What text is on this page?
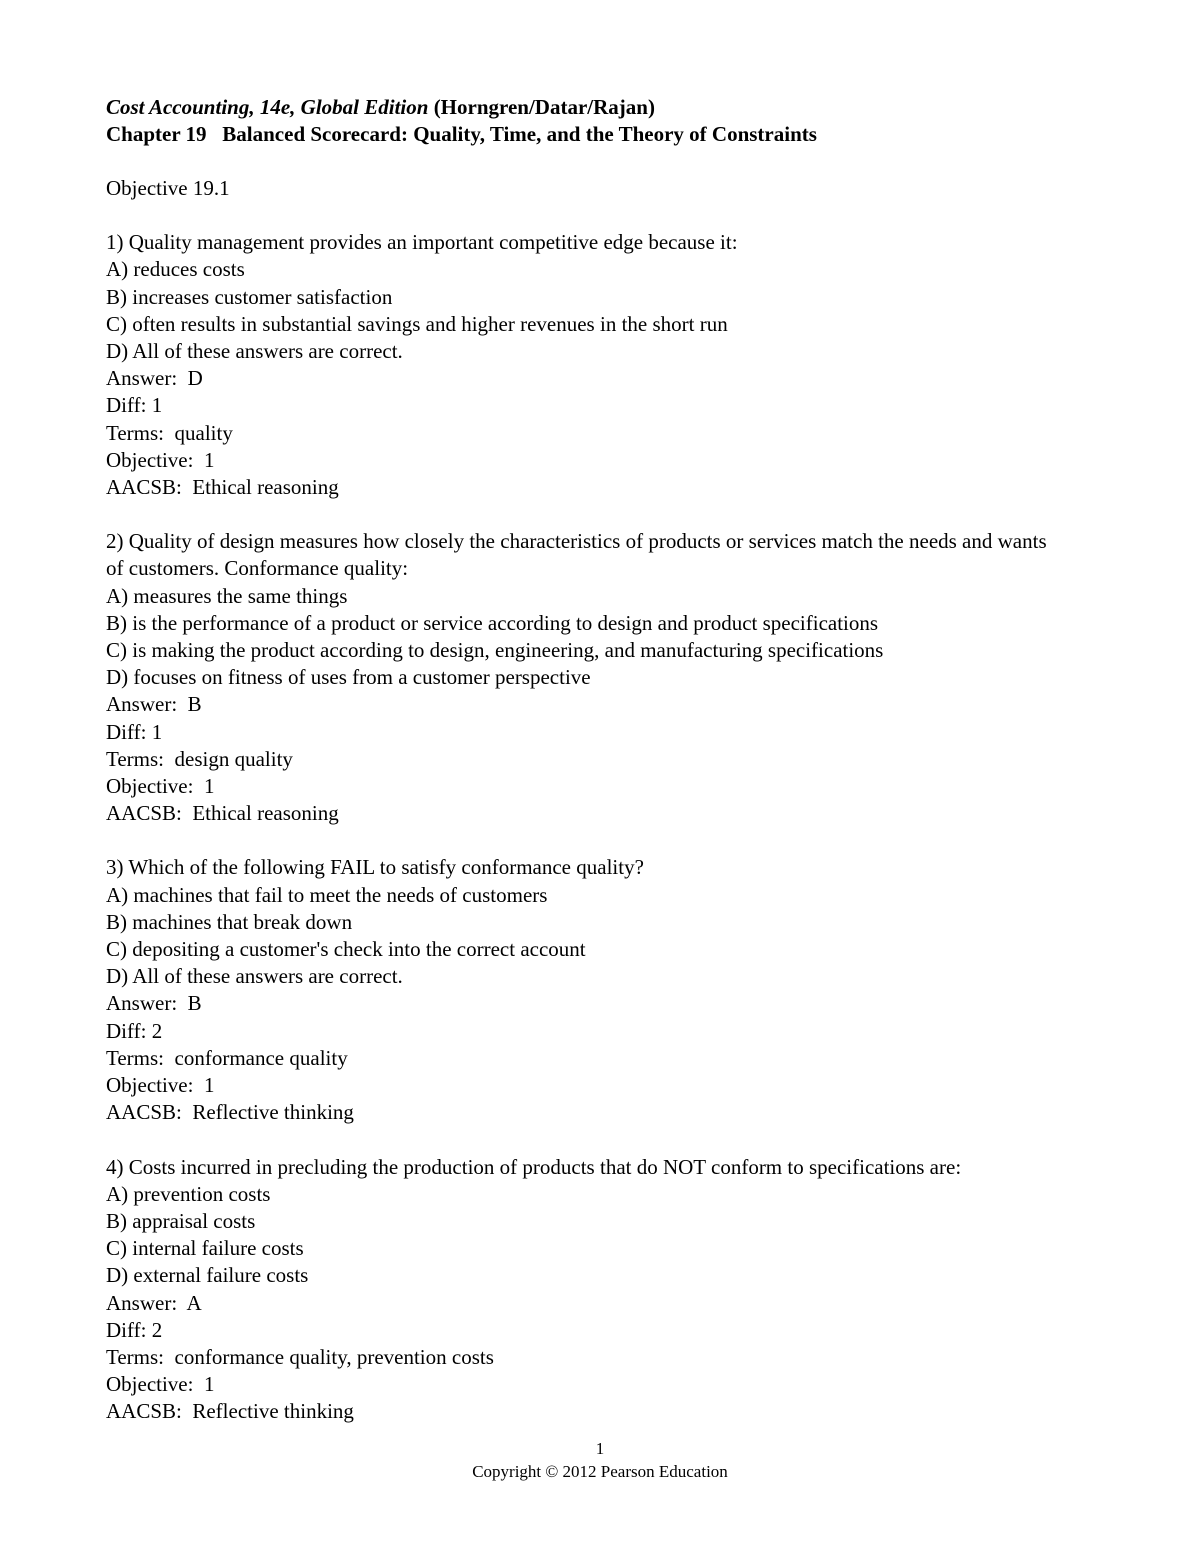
Cost Accounting, 14e, Global Edition (Horngren/Datar/Rajan)
Chapter 19   Balanced Scorecard: Quality, Time, and the Theory of Constraints
Objective 19.1
1) Quality management provides an important competitive edge because it:
A) reduces costs
B) increases customer satisfaction
C) often results in substantial savings and higher revenues in the short run
D) All of these answers are correct.
Answer:  D
Diff: 1
Terms:  quality
Objective:  1
AACSB:  Ethical reasoning
2) Quality of design measures how closely the characteristics of products or services match the needs and wants of customers. Conformance quality:
A) measures the same things
B) is the performance of a product or service according to design and product specifications
C) is making the product according to design, engineering, and manufacturing specifications
D) focuses on fitness of uses from a customer perspective
Answer:  B
Diff: 1
Terms:  design quality
Objective:  1
AACSB:  Ethical reasoning
3) Which of the following FAIL to satisfy conformance quality?
A) machines that fail to meet the needs of customers
B) machines that break down
C) depositing a customer's check into the correct account
D) All of these answers are correct.
Answer:  B
Diff: 2
Terms:  conformance quality
Objective:  1
AACSB:  Reflective thinking
4) Costs incurred in precluding the production of products that do NOT conform to specifications are:
A) prevention costs
B) appraisal costs
C) internal failure costs
D) external failure costs
Answer:  A
Diff: 2
Terms:  conformance quality, prevention costs
Objective:  1
AACSB:  Reflective thinking
1
Copyright © 2012 Pearson Education
